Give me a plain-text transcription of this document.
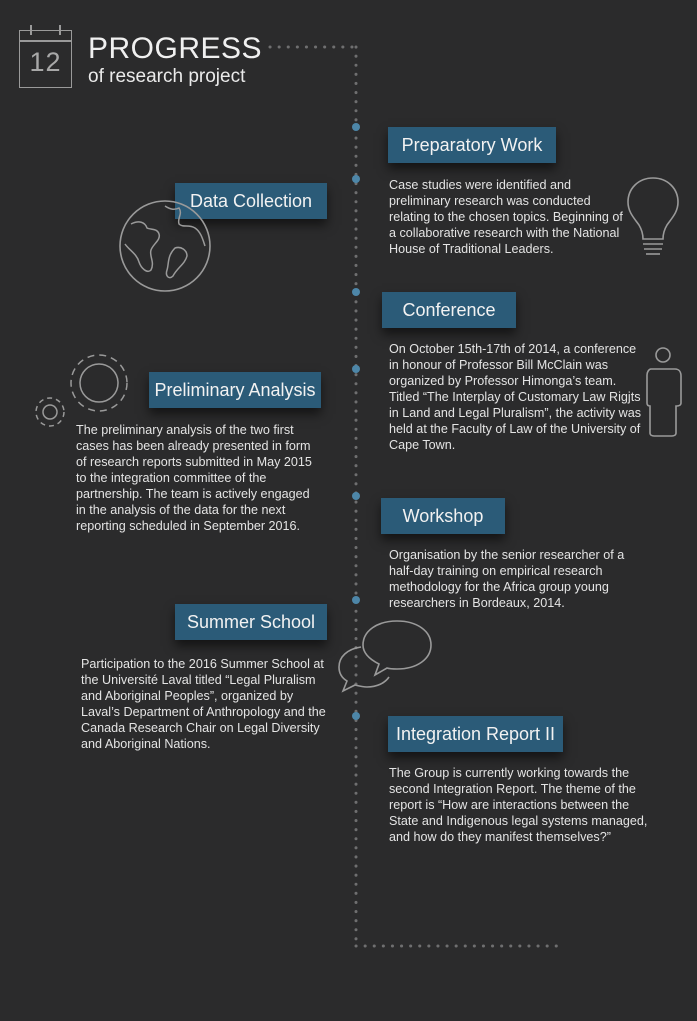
12 PROGRESS
of research project
Preparatory Work
Case studies were identified and preliminary research was conducted relating to the chosen topics. Beginning of a collaborative research with the National House of Traditional Leaders.
Data Collection
Conference
On October 15th-17th of 2014, a conference in honour of Professor Bill McClain was organized by Professor Himonga’s team. Titled “The Interplay of Customary Law Rigjts in Land and Legal Pluralism”, the activity was held at the Faculty of Law of the University of Cape Town.
Preliminary Analysis
The preliminary analysis of the two first cases has been already presented in form of research reports submitted in May 2015 to the integration committee of the partnership. The team is actively engaged in the analysis of the data for the next reporting scheduled in September 2016.	Workshop
Organisation by the senior researcher of a half-day training on empirical research methodology for the Africa group young researchers in Bordeaux, 2014.
Summer School
Participation to the 2016 Summer School at the Université Laval titled “Legal Pluralism and Aboriginal Peoples”, organized by Laval’s Department of Anthropology and the Canada Research Chair on Legal Diversity and Aboriginal Nations.	Integration Report II
The Group is currently working towards the second Integration Report. The theme of the report is “How are interactions between the State and Indigenous legal systems managed, and how do they manifest themselves?”
